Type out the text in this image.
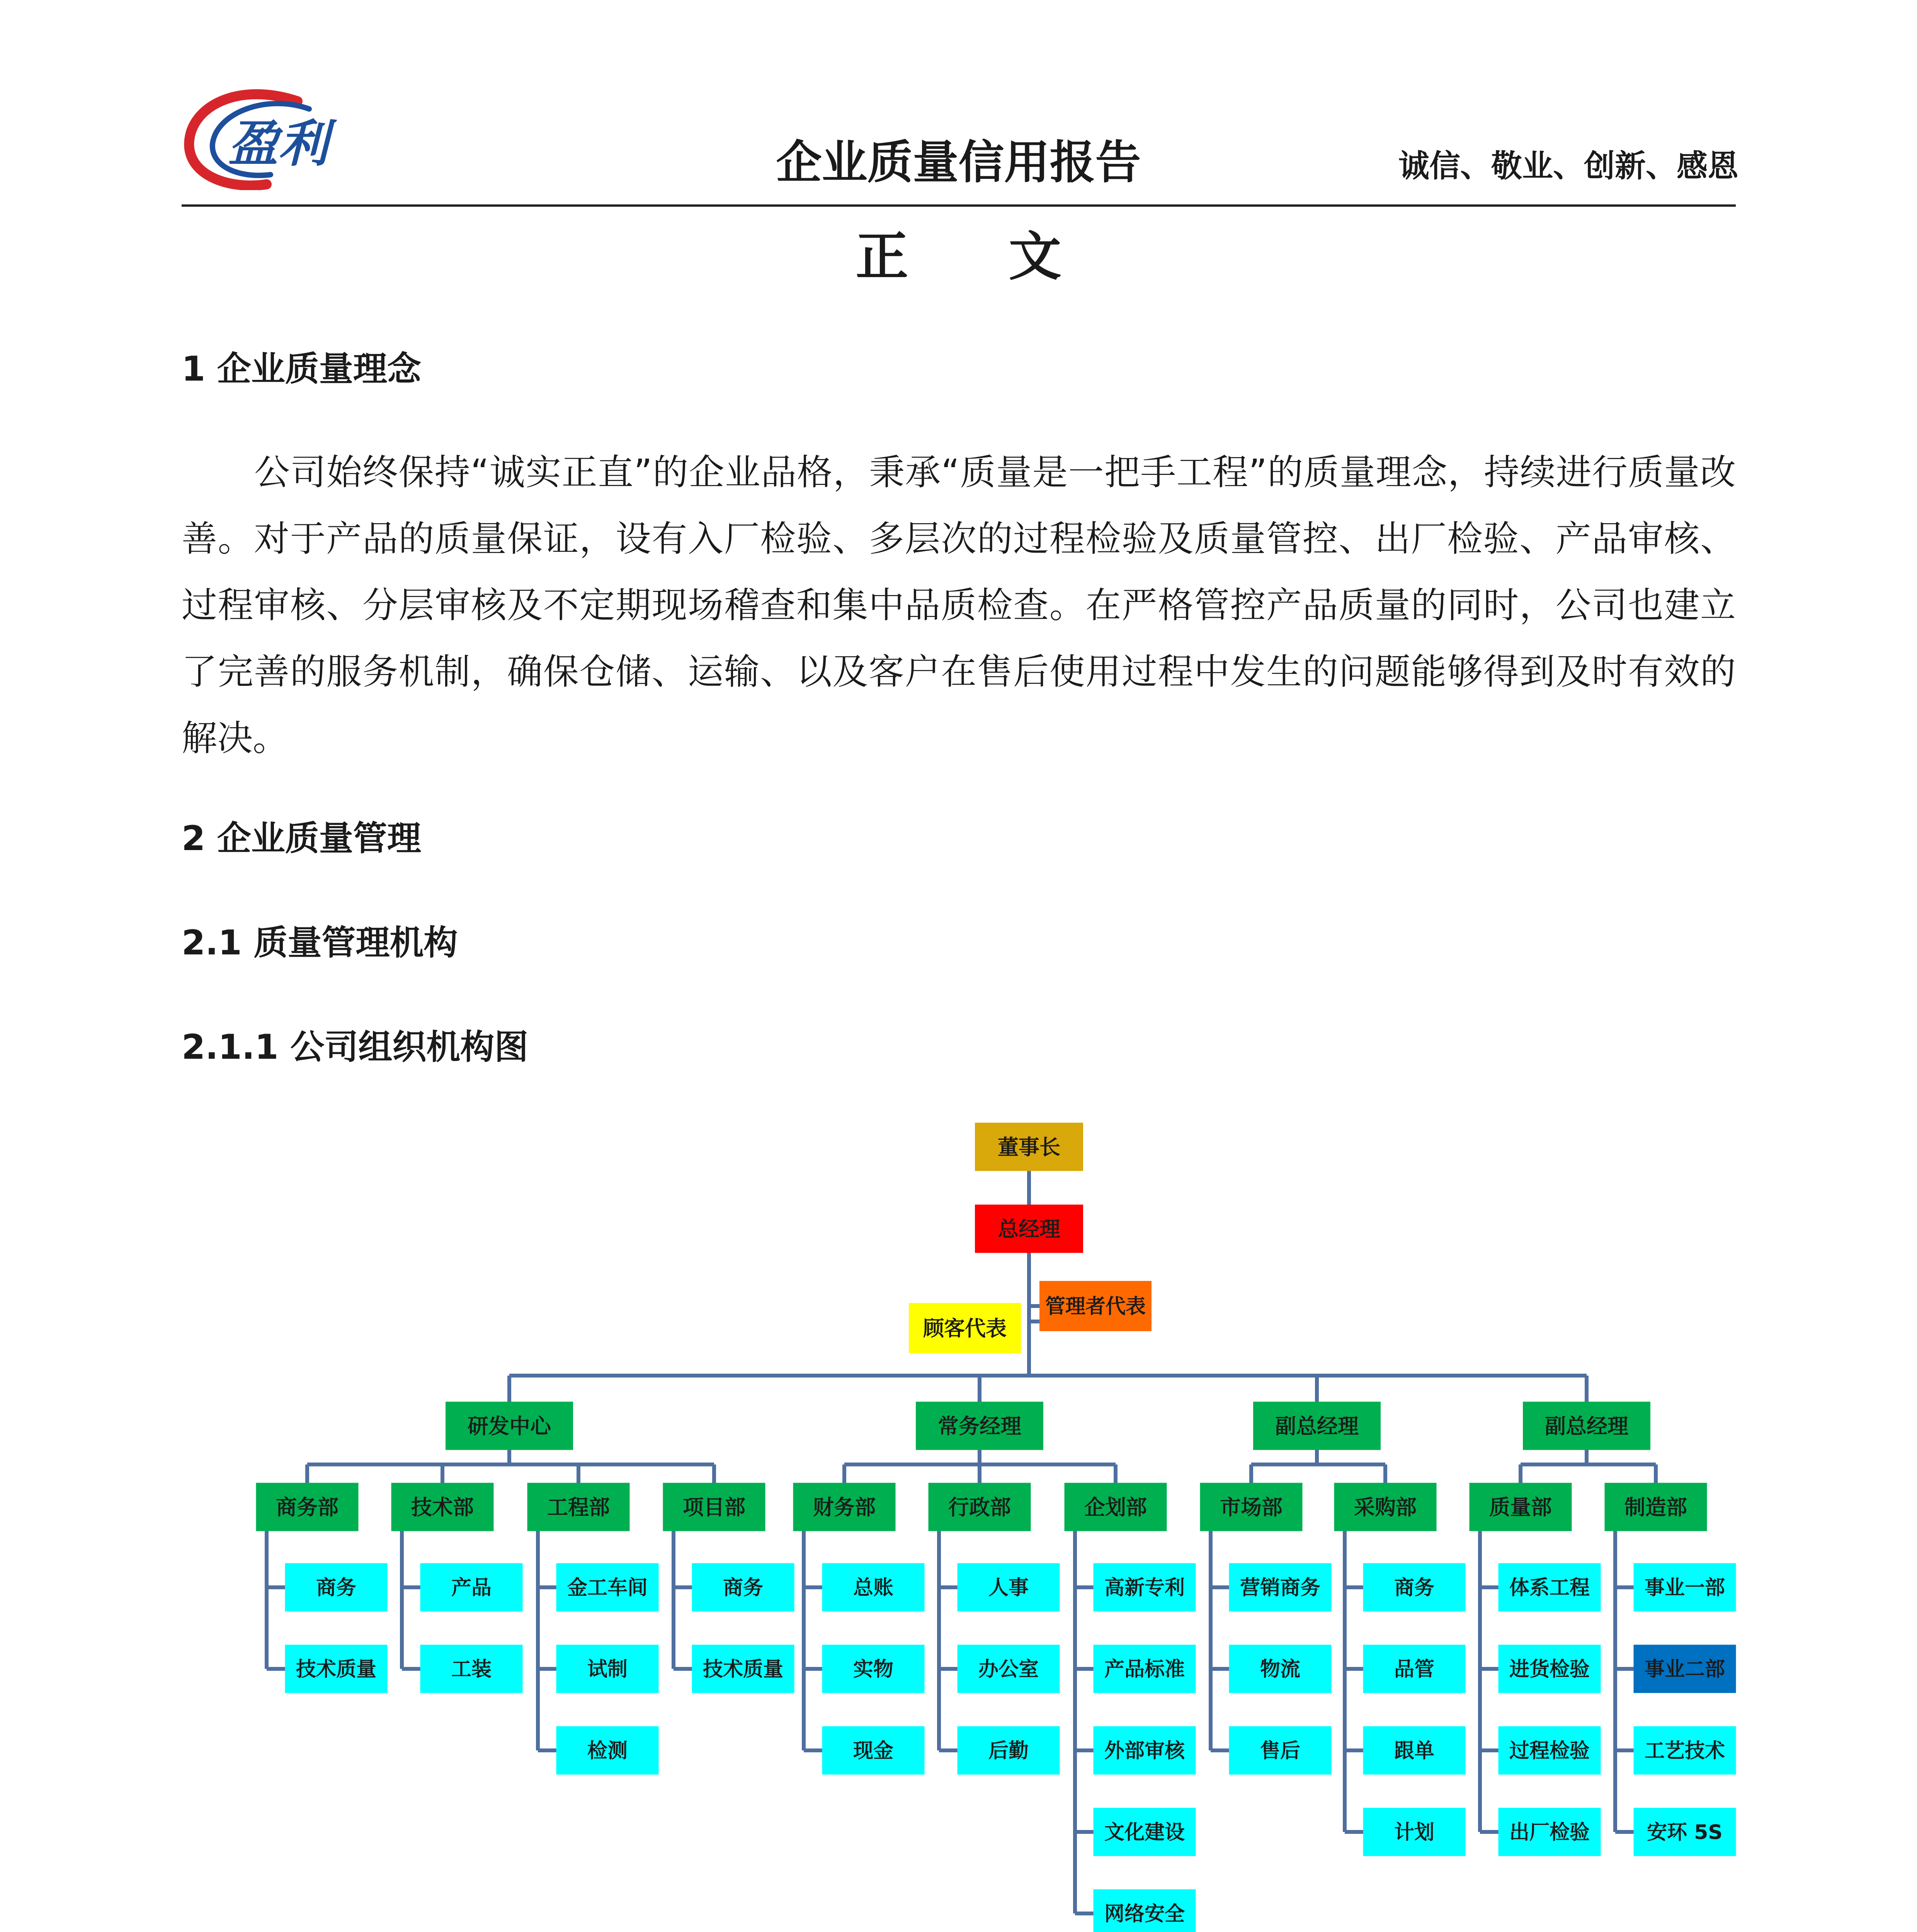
盈利	企业质量信用报告	诚信、敬业、创新、感恩
正文
1 企业质量理念

公司始终保持“诚实正直”的企业品格，秉承“质量是一把手工程”的质量理念，持续进行质量改善。对于产品的质量保证，设有入厂检验、多层次的过程检验及质量管控、出厂检验、产品审核、过程审核、分层审核及不定期现场稽查和集中品质检查。在严格管控产品质量的同时，公司也建立了完善的服务机制，确保仓储、运输、以及客户在售后使用过程中发生的问题能够得到及时有效的解决。

2 企业质量管理
2.1 质量管理机构
2.1.1 公司组织机构图
董事长
总经理
顾客代表
管理者代表
研发中心
商务
技术质量
商务部
产品
工装
技术部
金工车间
试制
检测
工程部
商务
技术质量
项目部
常务经理
总账
实物
现金
财务部
人事
办公室
后勤
行政部
高新专利
产品标准
外部审核
文化建设
网络安全
企划部
副总经理
营销商务
物流
售后
市场部
商务
品管
跟单
计划
采购部
副总经理
体系工程
进货检验
过程检验
出厂检验
质量部
事业一部
事业二部
工艺技术
安环 5S
制造部
